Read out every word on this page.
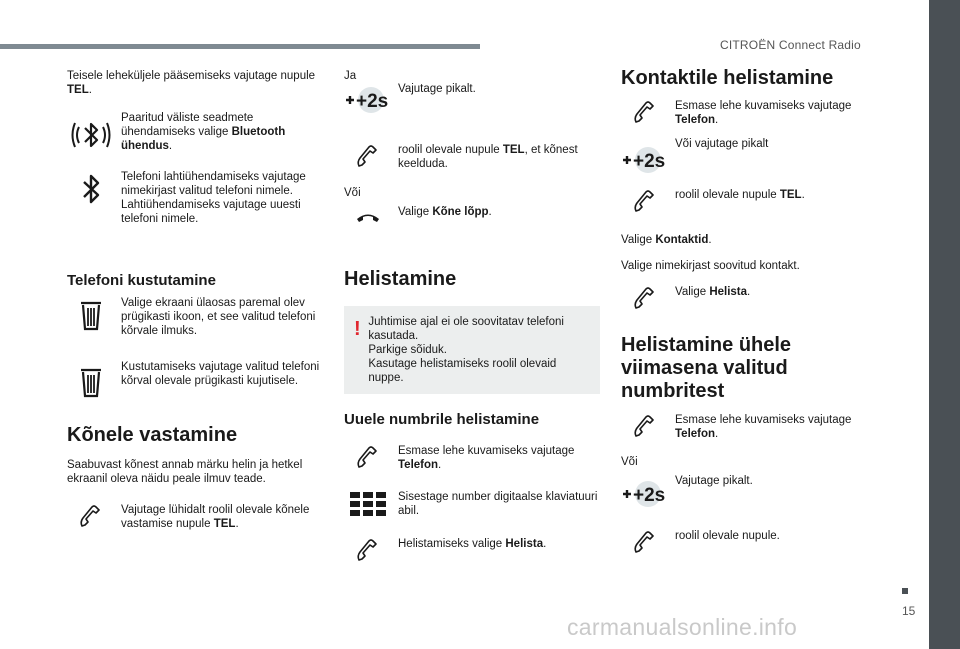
CITROËN Connect Radio
15
carmanualsonline.info

Teisele leheküljele pääsemiseks vajutage nupule TEL.

Paaritud väliste seadmete ühendamiseks valige Bluetooth ühendus.

Telefoni lahtiühendamiseks vajutage nimekirjast valitud telefoni nimele. Lahtiühendamiseks vajutage uuesti telefoni nimele.

Telefoni kustutamine

Valige ekraani ülaosas paremal olev prügikasti ikoon, et see valitud telefoni kõrvale ilmuks.

Kustutamiseks vajutage valitud telefoni kõrval olevale prügikasti kujutisele.

Kõnele vastamine

Saabuvast kõnest annab märku helin ja hetkel ekraanil oleva näidu peale ilmuv teade.

Vajutage lühidalt roolil olevale kõnele vastamise nupule TEL.

Ja

+2s

Vajutage pikalt.

roolil olevale nupule TEL, et kõnest keelduda.

Või

Valige Kõne lõpp.

Helistamine
! Juhtimise ajal ei ole soovitatav telefoni kasutada.
Parkige sõiduk.
Kasutage helistamiseks roolil olevaid nuppe.
Uuele numbrile helistamine

Esmase lehe kuvamiseks vajutage Telefon.

Sisestage number digitaalse klaviatuuri abil.

Helistamiseks valige Helista.

Kontaktile helistamine

Esmase lehe kuvamiseks vajutage Telefon.

+2s

Või vajutage pikalt

roolil olevale nupule TEL.

Valige Kontaktid.

Valige nimekirjast soovitud kontakt.

Valige Helista.

Helistamine ühele viimasena valitud numbritest

Esmase lehe kuvamiseks vajutage Telefon.

Või

+2s

Vajutage pikalt.

roolil olevale nupule.
